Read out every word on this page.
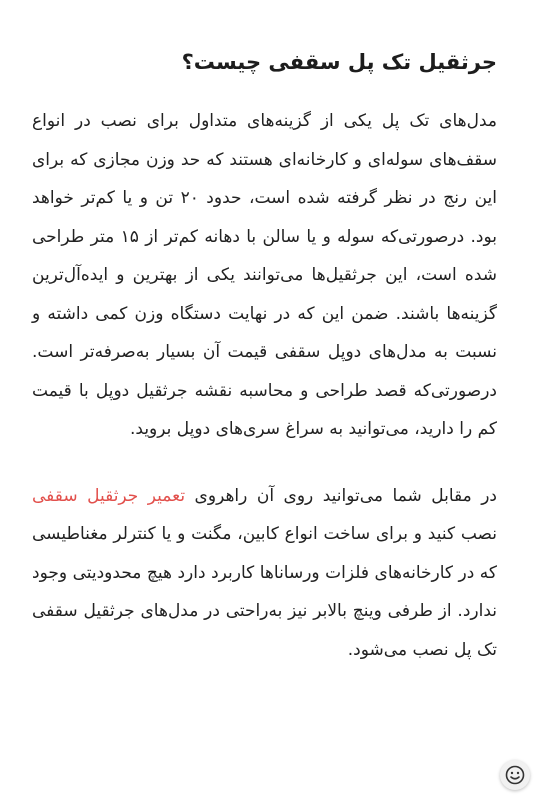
جرثقیل تک پل سقفی چیست؟

مدل‌های تک پل یکی از گزینه‌های متداول برای نصب در انواع سقف‌های سوله‌ای و کارخانه‌ای هستند که حد وزن مجازی که برای این رنج در نظر گرفته شده است، حدود ۲۰ تن و یا کم‌تر خواهد بود. درصورتی‌که سوله و یا سالن با دهانه کم‌تر از ۱۵ متر طراحی شده است، این جرثقیل‌ها می‌توانند یکی از بهترین و ایده‌آل‌ترین گزینه‌ها باشند. ضمن این که در نهایت دستگاه وزن کمی داشته و نسبت به مدل‌های دوپل سقفی قیمت آن بسیار به‌صرفه‌تر است. درصورتی‌که قصد طراحی و محاسبه نقشه جرثقیل دوپل با قیمت کم را دارید، می‌توانید به سراغ سری‌های دوپل بروید.

در مقابل شما می‌توانید روی آن راهروی تعمیر جرثقیل سقفی نصب کنید و برای ساخت انواع کابین، مگنت و یا کنترلر مغناطیسی که در کارخانه‌های فلزات ورسانا‌ها کاربرد دارد هیچ محدودیتی وجود ندارد. از طرفی وینچ بالابر نیز به‌راحتی در مدل‌های جرثقیل سقفی تک پل نصب می‌شود.
